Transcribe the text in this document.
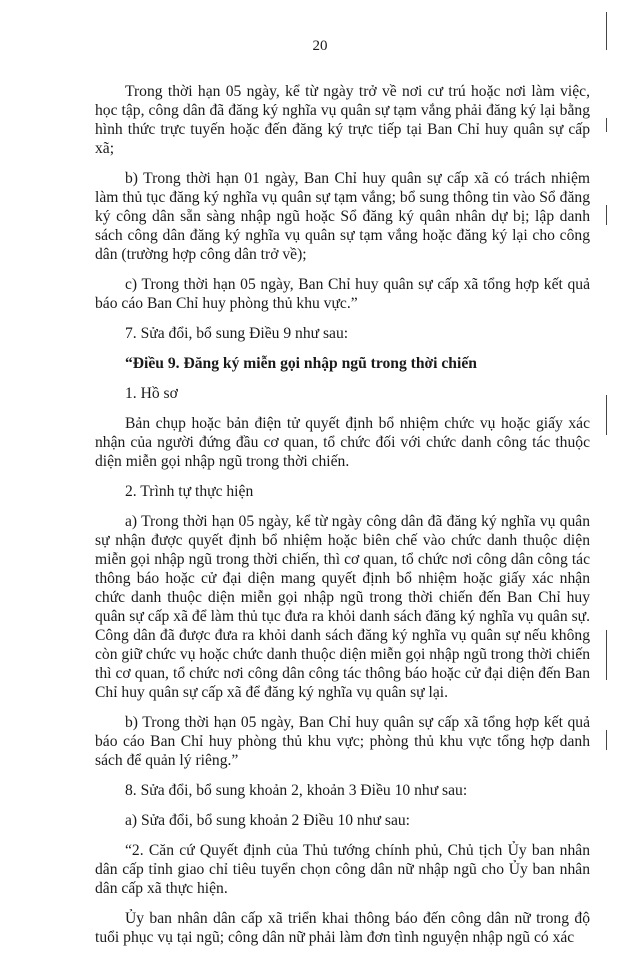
20

Trong thời hạn 05 ngày, kể từ ngày trở về nơi cư trú hoặc nơi làm việc, học tập, công dân đã đăng ký nghĩa vụ quân sự tạm vắng phải đăng ký lại bằng hình thức trực tuyến hoặc đến đăng ký trực tiếp tại Ban Chỉ huy quân sự cấp xã;

b) Trong thời hạn 01 ngày, Ban Chỉ huy quân sự cấp xã có trách nhiệm làm thủ tục đăng ký nghĩa vụ quân sự tạm vắng; bổ sung thông tin vào Sổ đăng ký công dân sẵn sàng nhập ngũ hoặc Sổ đăng ký quân nhân dự bị; lập danh sách công dân đăng ký nghĩa vụ quân sự tạm vắng hoặc đăng ký lại cho công dân (trường hợp công dân trở về);

c) Trong thời hạn 05 ngày, Ban Chỉ huy quân sự cấp xã tổng hợp kết quả báo cáo Ban Chỉ huy phòng thủ khu vực.”

7. Sửa đổi, bổ sung Điều 9 như sau:

“Điều 9. Đăng ký miễn gọi nhập ngũ trong thời chiến

1. Hồ sơ

Bản chụp hoặc bản điện tử quyết định bổ nhiệm chức vụ hoặc giấy xác nhận của người đứng đầu cơ quan, tổ chức đối với chức danh công tác thuộc diện miễn gọi nhập ngũ trong thời chiến.

2. Trình tự thực hiện

a) Trong thời hạn 05 ngày, kể từ ngày công dân đã đăng ký nghĩa vụ quân sự nhận được quyết định bổ nhiệm hoặc biên chế vào chức danh thuộc diện miễn gọi nhập ngũ trong thời chiến, thì cơ quan, tổ chức nơi công dân công tác thông báo hoặc cử đại diện mang quyết định bổ nhiệm hoặc giấy xác nhận chức danh thuộc diện miễn gọi nhập ngũ trong thời chiến đến Ban Chỉ huy quân sự cấp xã để làm thủ tục đưa ra khỏi danh sách đăng ký nghĩa vụ quân sự. Công dân đã được đưa ra khỏi danh sách đăng ký nghĩa vụ quân sự nếu không còn giữ chức vụ hoặc chức danh thuộc diện miễn gọi nhập ngũ trong thời chiến thì cơ quan, tổ chức nơi công dân công tác thông báo hoặc cử đại diện đến Ban Chỉ huy quân sự cấp xã để đăng ký nghĩa vụ quân sự lại.

b) Trong thời hạn 05 ngày, Ban Chỉ huy quân sự cấp xã tổng hợp kết quả báo cáo Ban Chỉ huy phòng thủ khu vực; phòng thủ khu vực tổng hợp danh sách để quản lý riêng.”

8. Sửa đổi, bổ sung khoản 2, khoản 3 Điều 10 như sau:

a) Sửa đổi, bổ sung khoản 2 Điều 10 như sau:

“2. Căn cứ Quyết định của Thủ tướng chính phủ, Chủ tịch Ủy ban nhân dân cấp tỉnh giao chỉ tiêu tuyển chọn công dân nữ nhập ngũ cho Ủy ban nhân dân cấp xã thực hiện.

Ủy ban nhân dân cấp xã triển khai thông báo đến công dân nữ trong độ tuổi phục vụ tại ngũ; công dân nữ phải làm đơn tình nguyện nhập ngũ có xác
